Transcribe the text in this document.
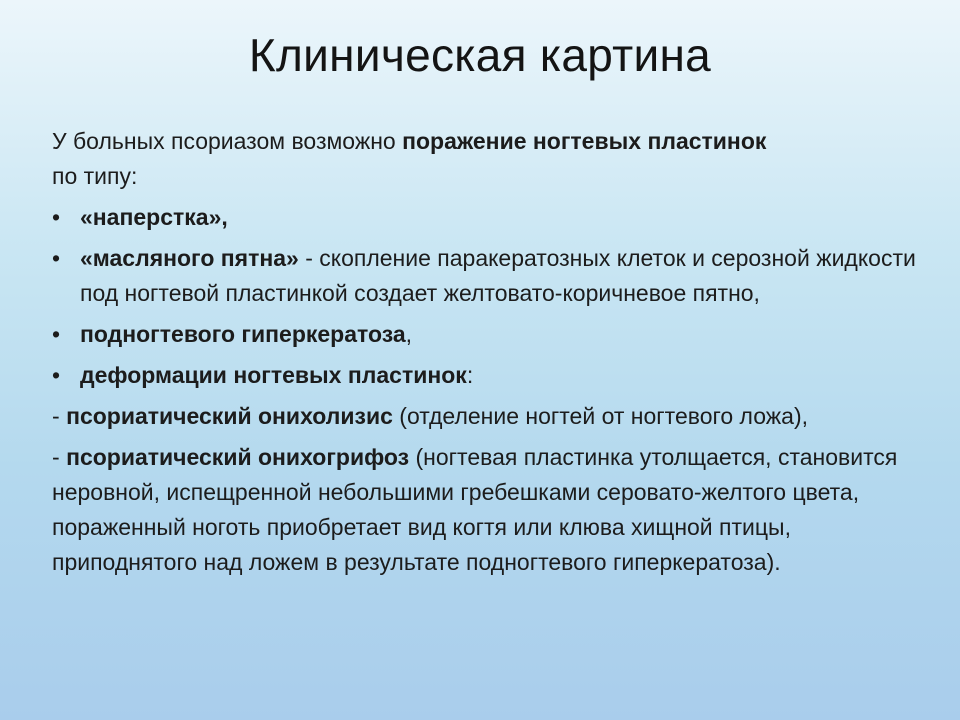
Клиническая картина

У больных псориазом возможно поражение ногтевых пластинок
по типу:

• «наперстка»,
• «масляного пятна» - скопление паракератозных клеток и серозной жидкости под ногтевой пластинкой создает желтовато-коричневое пятно,
• подногтевого гиперкератоза,
• деформации ногтевых пластинок:

- псориатический онихолизис (отделение ногтей от ногтевого ложа),

- псориатический онихогрифоз (ногтевая пластинка утолщается, становится неровной, испещренной небольшими гребешками серовато-желтого цвета, пораженный ноготь приобретает вид когтя или клюва хищной птицы, приподнятого над ложем в результате подногтевого гиперкератоза).
